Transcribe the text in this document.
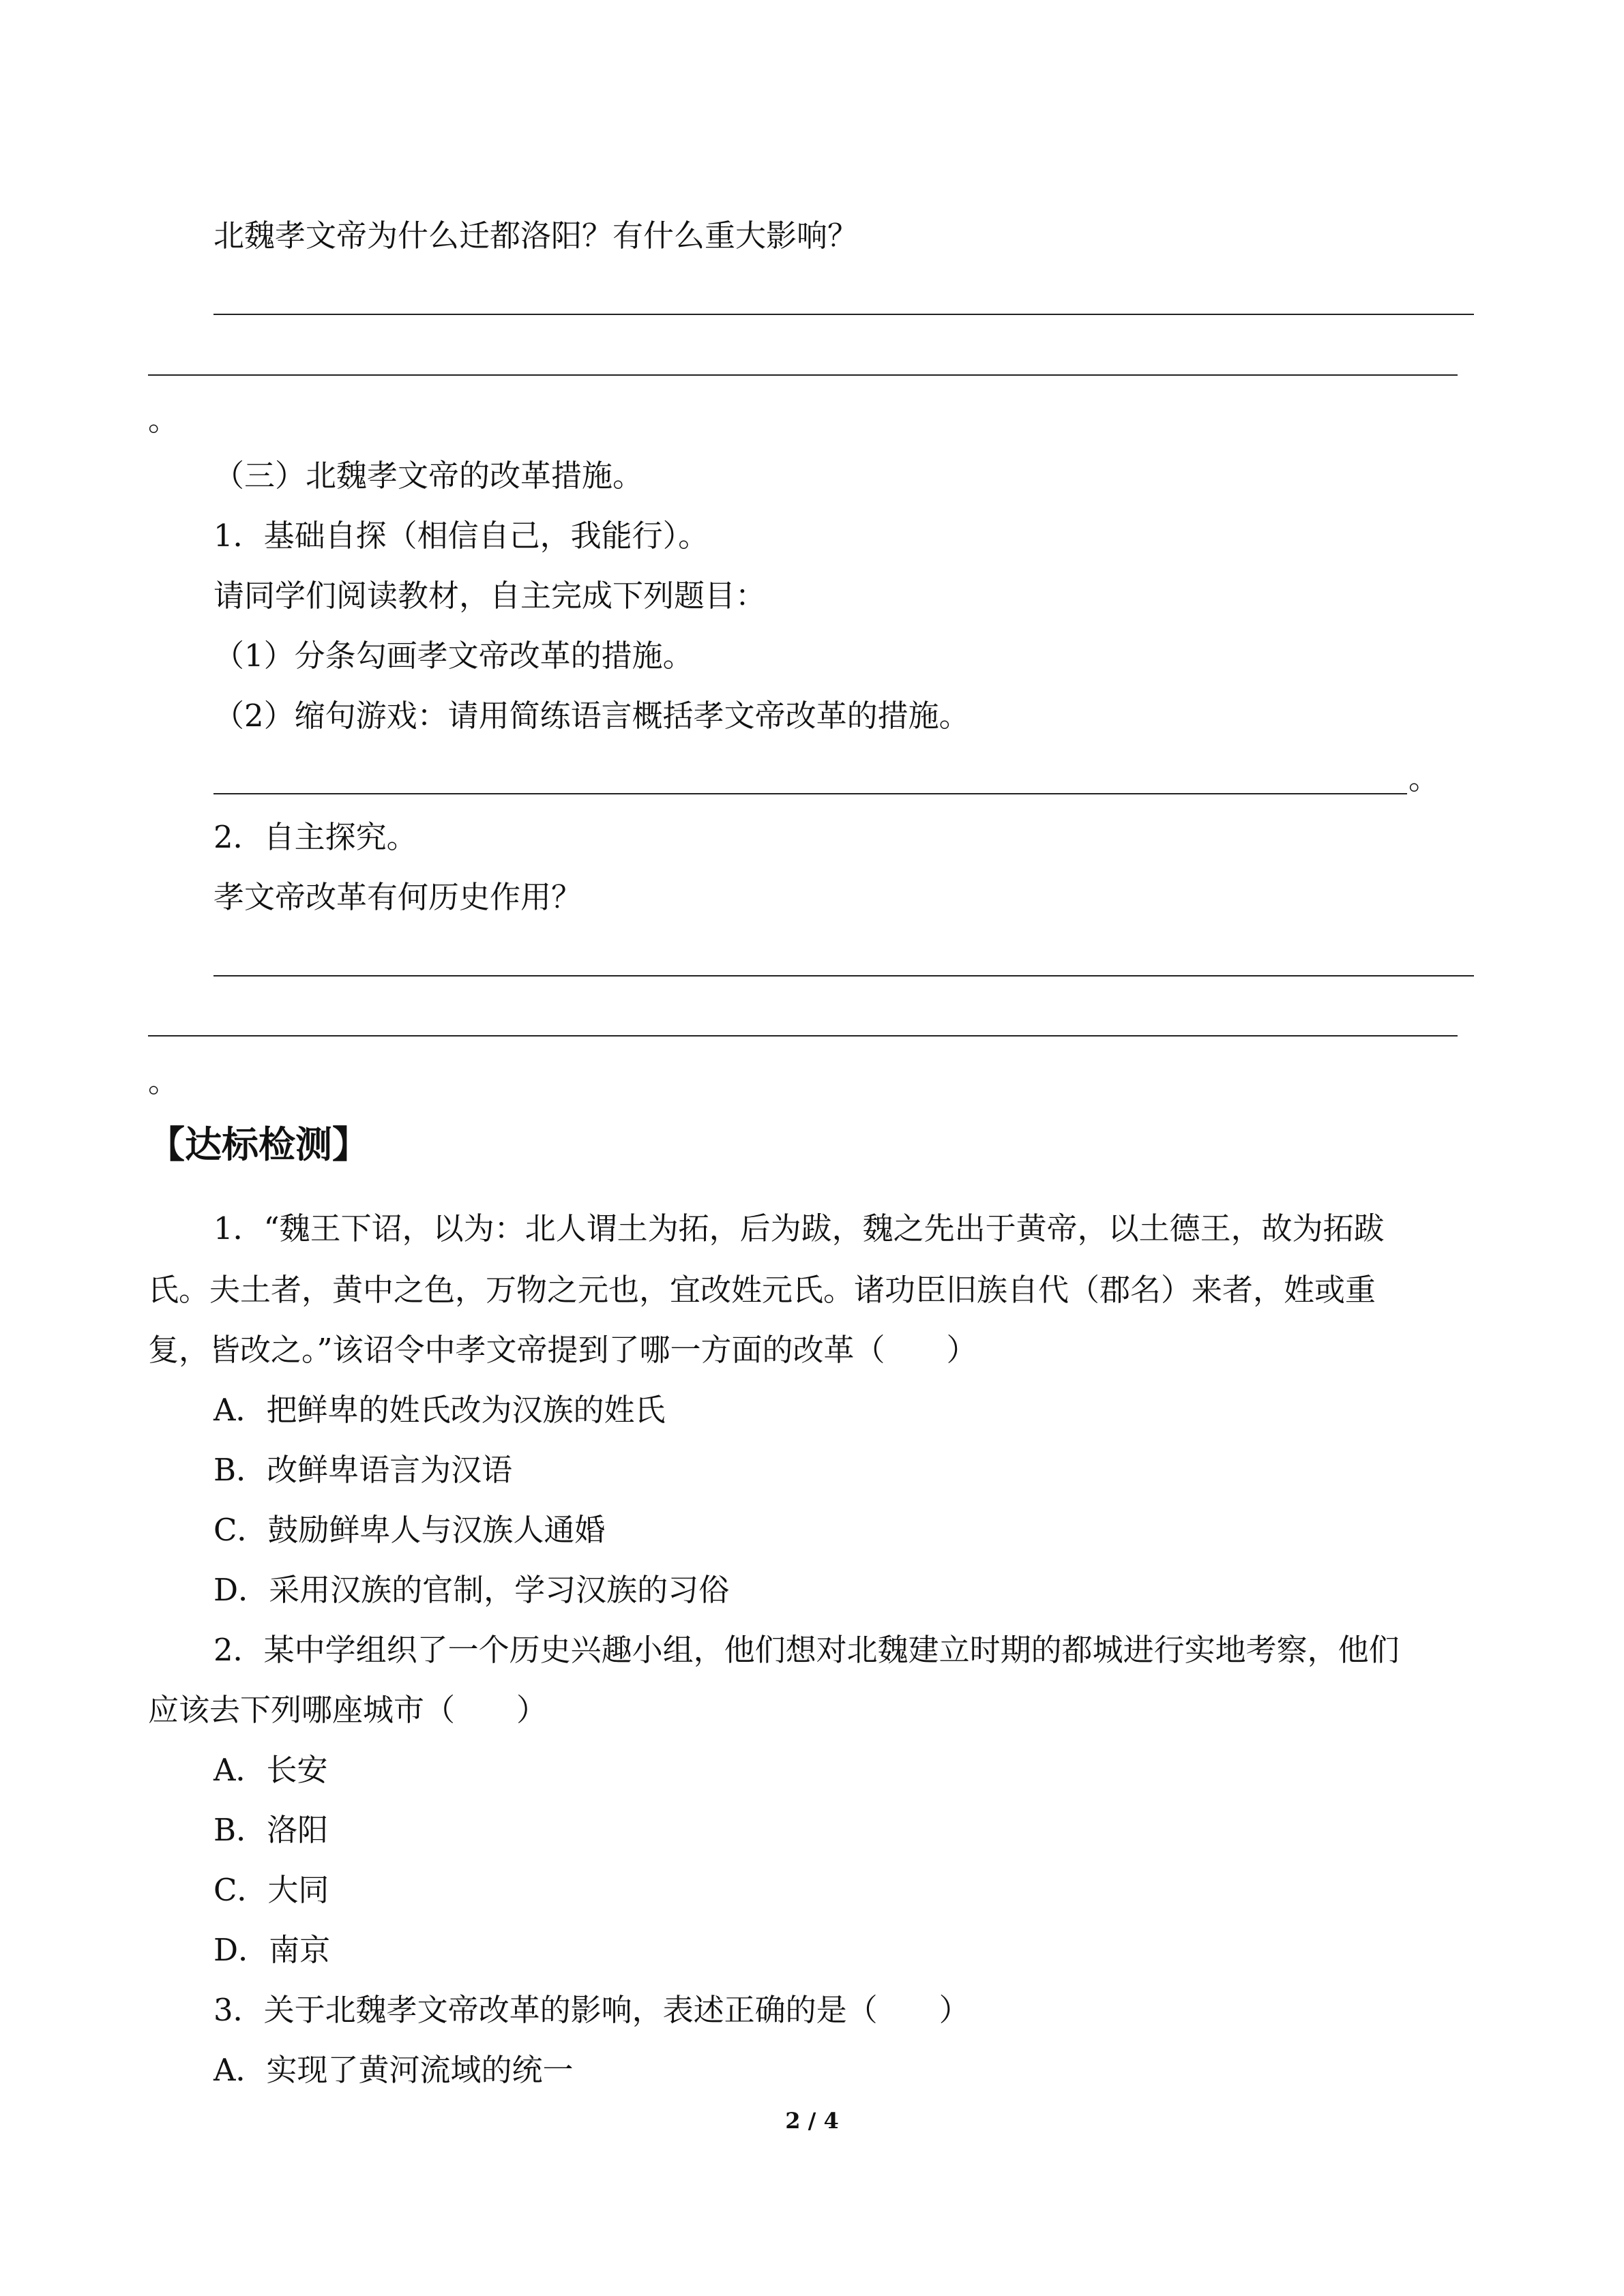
北魏孝文帝为什么迁都洛阳？有什么重大影响？

。

（三）北魏孝文帝的改革措施。

1．基础自探（相信自己，我能行）。

请同学们阅读教材，自主完成下列题目：

（1）分条勾画孝文帝改革的措施。

（2）缩句游戏：请用简练语言概括孝文帝改革的措施。

。

2．自主探究。

孝文帝改革有何历史作用？

。

【达标检测】

1．“魏王下诏，以为：北人谓土为拓，后为跋，魏之先出于黄帝，以土德王，故为拓跋

氏。夫土者，黄中之色，万物之元也，宜改姓元氏。诸功臣旧族自代（郡名）来者，姓或重

复，皆改之。”该诏令中孝文帝提到了哪一方面的改革（　　）

A．把鲜卑的姓氏改为汉族的姓氏

B．改鲜卑语言为汉语

C．鼓励鲜卑人与汉族人通婚

D．采用汉族的官制，学习汉族的习俗

2．某中学组织了一个历史兴趣小组，他们想对北魏建立时期的都城进行实地考察，他们

应该去下列哪座城市（　　）

A．长安

B．洛阳

C．大同

D．南京

3．关于北魏孝文帝改革的影响，表述正确的是（　　）

A．实现了黄河流域的统一

2 / 4
